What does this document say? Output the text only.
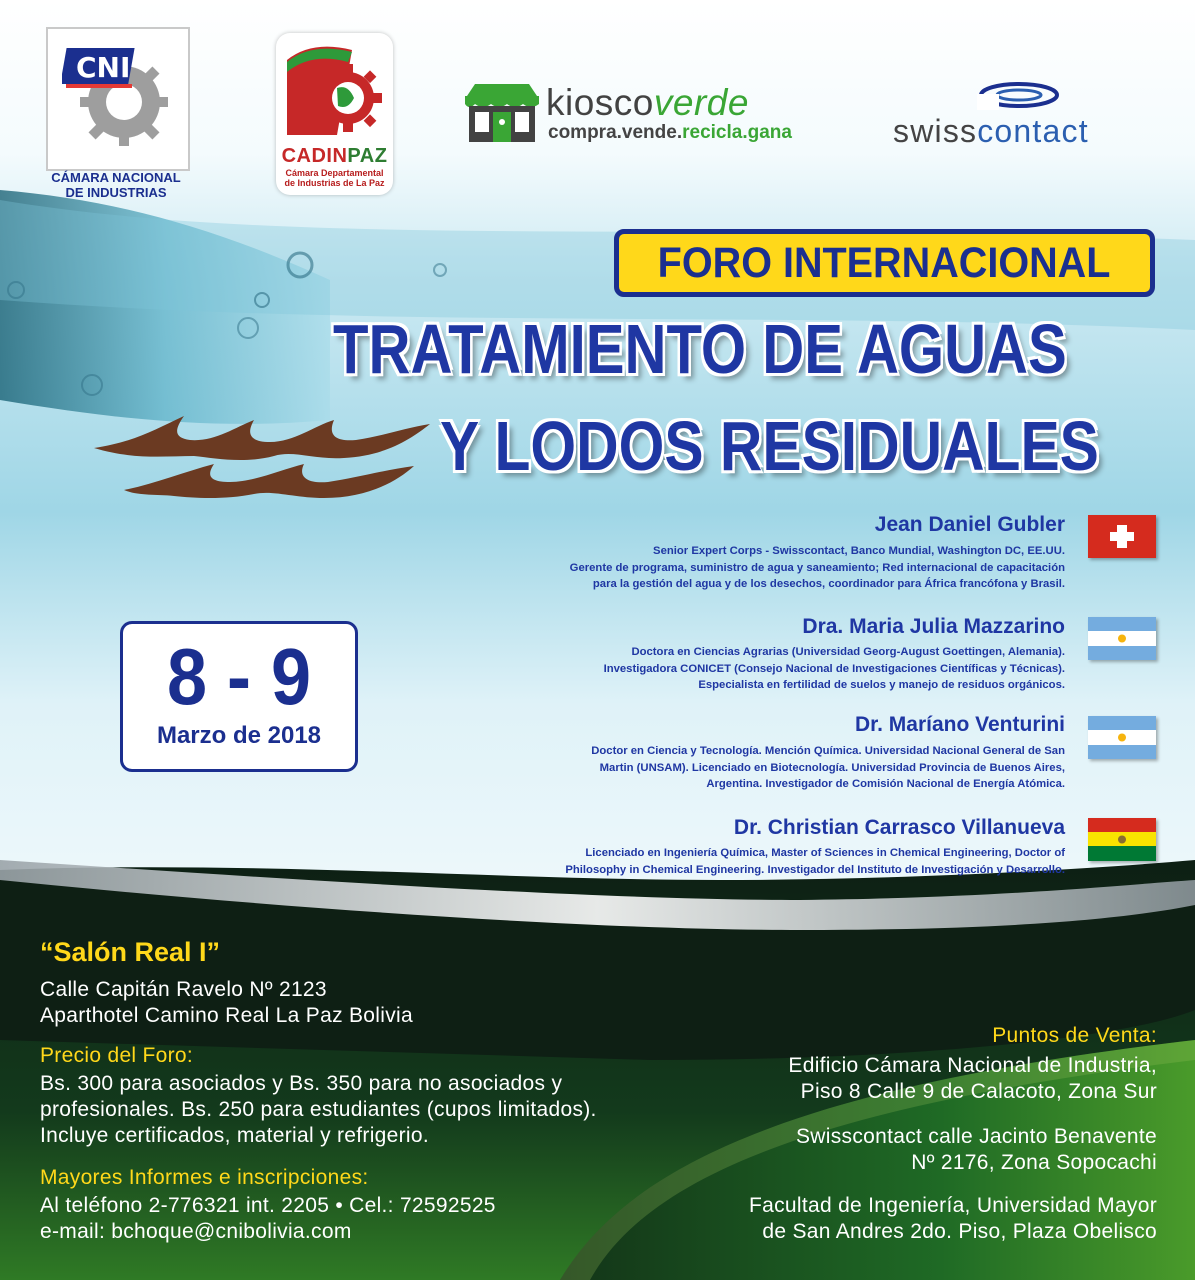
CNI
CÁMARA NACIONAL
DE INDUSTRIAS
CADINPAZ
Cámara Departamental
de Industrias de La Paz
kioscoverde
compra.vende.recicla.gana	swisscontact
FORO INTERNACIONAL
TRATAMIENTO DE AGUAS
Y LODOS RESIDUALES
8 - 9
Marzo de 2018
Jean Daniel Gubler
Senior Expert Corps - Swisscontact, Banco Mundial, Washington DC, EE.UU.
Gerente de programa, suministro de agua y saneamiento; Red internacional de capacitación
para la gestión del agua y de los desechos, coordinador para África francófona y Brasil.
Dra. Maria Julia Mazzarino
Doctora en Ciencias Agrarias (Universidad Georg-August Goettingen, Alemania).
Investigadora CONICET (Consejo Nacional de Investigaciones Científicas y Técnicas).
Especialista en fertilidad de suelos y manejo de residuos orgánicos.
Dr. Maríano Venturini
Doctor en Ciencia y Tecnología. Mención Química. Universidad Nacional General de San
Martin (UNSAM). Licenciado en Biotecnología. Universidad Provincia de Buenos Aires,
Argentina. Investigador de Comisión Nacional de Energía Atómica.
Dr. Christian Carrasco Villanueva
Licenciado en Ingeniería Química, Master of Sciences in Chemical Engineering, Doctor of
Philosophy in Chemical Engineering. Investigador del Instituto de Investigación y Desarrollo.
“Salón Real I”
Calle Capitán Ravelo Nº 2123
Aparthotel Camino Real La Paz Bolivia
Precio del Foro:
Bs. 300 para asociados y Bs. 350 para no asociados y
profesionales. Bs. 250 para estudiantes (cupos limitados).
Incluye certificados, material y refrigerio.
Mayores Informes e inscripciones:
Al teléfono 2-776321 int. 2205 • Cel.: 72592525
e-mail: bchoque@cnibolivia.com
Puntos de Venta:
Edificio Cámara Nacional de Industria,
Piso 8 Calle 9 de Calacoto, Zona Sur
Swisscontact calle Jacinto Benavente
Nº 2176, Zona Sopocachi
Facultad de Ingeniería, Universidad Mayor
de San Andres 2do. Piso, Plaza Obelisco
